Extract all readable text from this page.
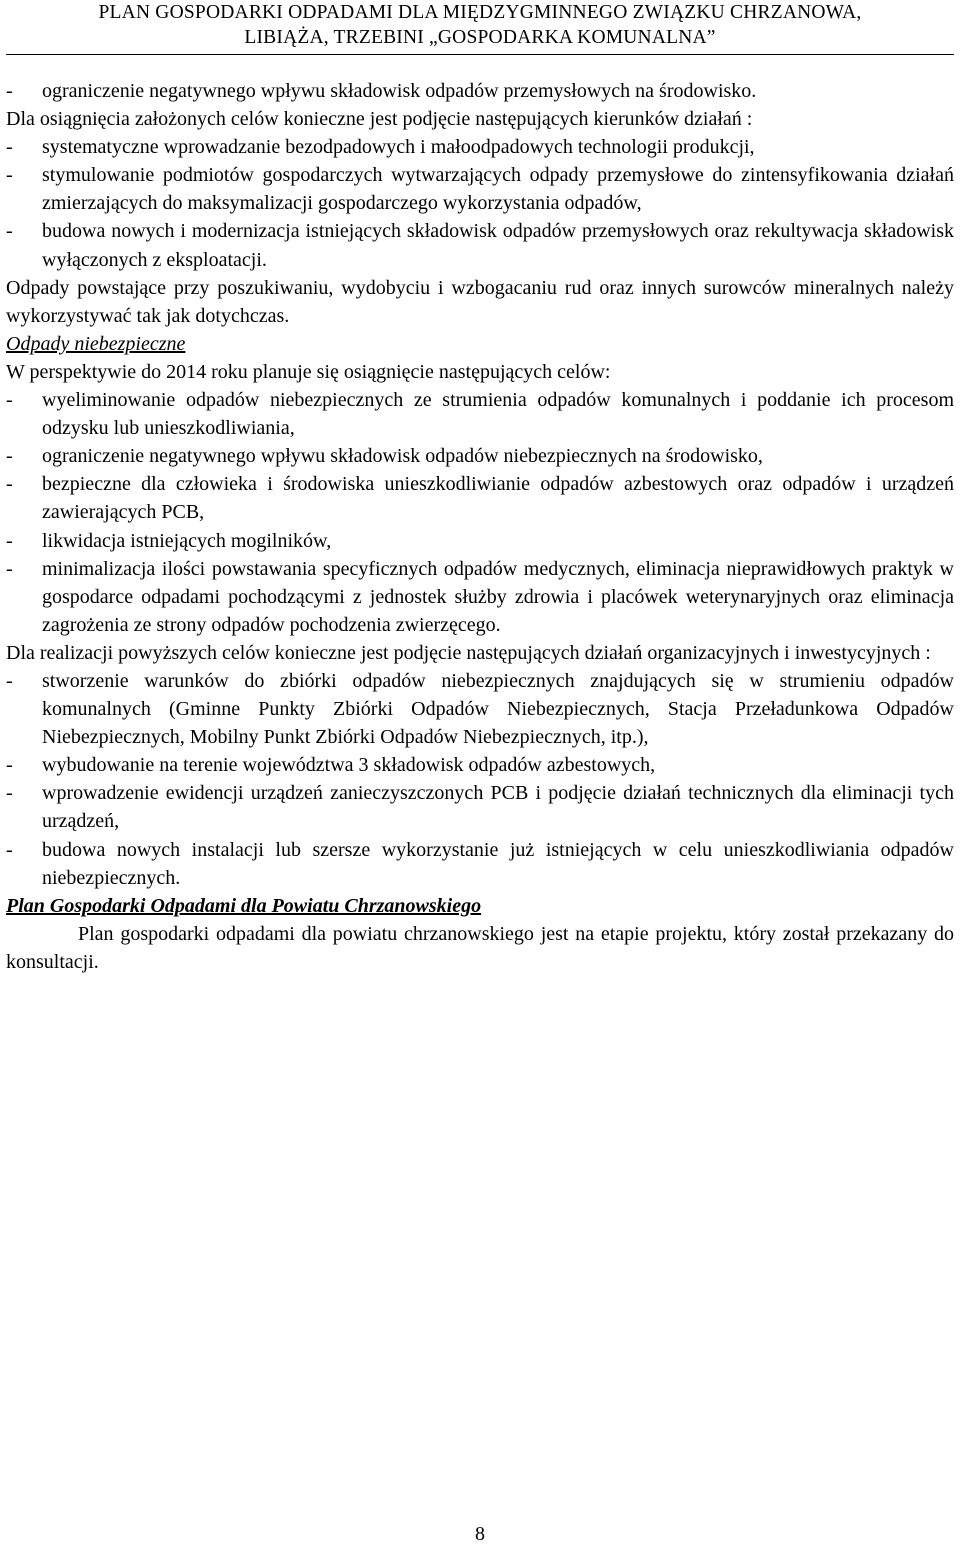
PLAN GOSPODARKI ODPADAMI DLA MIĘDZYGMINNEGO ZWIĄZKU CHRZANOWA,
LIBIĄŻA, TRZEBINI „GOSPODARKA KOMUNALNA”

- ograniczenie negatywnego wpływu składowisk odpadów przemysłowych na środowisko.

Dla osiągnięcia założonych celów konieczne jest podjęcie następujących kierunków działań :

- systematyczne wprowadzanie bezodpadowych i małoodpadowych technologii produkcji,

- stymulowanie podmiotów gospodarczych wytwarzających odpady przemysłowe do zintensyfikowania działań zmierzających do maksymalizacji gospodarczego wykorzystania odpadów,

- budowa nowych i modernizacja istniejących składowisk odpadów przemysłowych oraz rekultywacja składowisk wyłączonych z eksploatacji.

Odpady powstające przy poszukiwaniu, wydobyciu i wzbogacaniu rud oraz innych surowców mineralnych należy wykorzystywać tak jak dotychczas.

Odpady niebezpieczne

W perspektywie do 2014 roku planuje się osiągnięcie następujących celów:

- wyeliminowanie odpadów niebezpiecznych ze strumienia odpadów komunalnych i poddanie ich procesom odzysku lub unieszkodliwiania,

- ograniczenie negatywnego wpływu składowisk odpadów niebezpiecznych na środowisko,

- bezpieczne dla człowieka i środowiska unieszkodliwianie odpadów azbestowych oraz odpadów i urządzeń zawierających PCB,

- likwidacja istniejących mogilników,

- minimalizacja ilości powstawania specyficznych odpadów medycznych, eliminacja nieprawidłowych praktyk w gospodarce odpadami pochodzącymi z jednostek służby zdrowia i placówek weterynaryjnych oraz eliminacja zagrożenia ze strony odpadów pochodzenia zwierzęcego.

Dla realizacji powyższych celów konieczne jest podjęcie następujących działań organizacyjnych i inwestycyjnych :

- stworzenie warunków do zbiórki odpadów niebezpiecznych znajdujących się w strumieniu odpadów komunalnych (Gminne Punkty Zbiórki Odpadów Niebezpiecznych, Stacja Przeładunkowa Odpadów Niebezpiecznych, Mobilny Punkt Zbiórki Odpadów Niebezpiecznych, itp.),

- wybudowanie na terenie województwa 3 składowisk odpadów azbestowych,

- wprowadzenie ewidencji urządzeń zanieczyszczonych PCB i podjęcie działań technicznych dla eliminacji tych urządzeń,

- budowa nowych instalacji lub szersze wykorzystanie już istniejących w celu unieszkodliwiania odpadów niebezpiecznych.

Plan Gospodarki Odpadami dla Powiatu Chrzanowskiego

Plan gospodarki odpadami dla powiatu chrzanowskiego jest na etapie projektu, który został przekazany do konsultacji.

8
